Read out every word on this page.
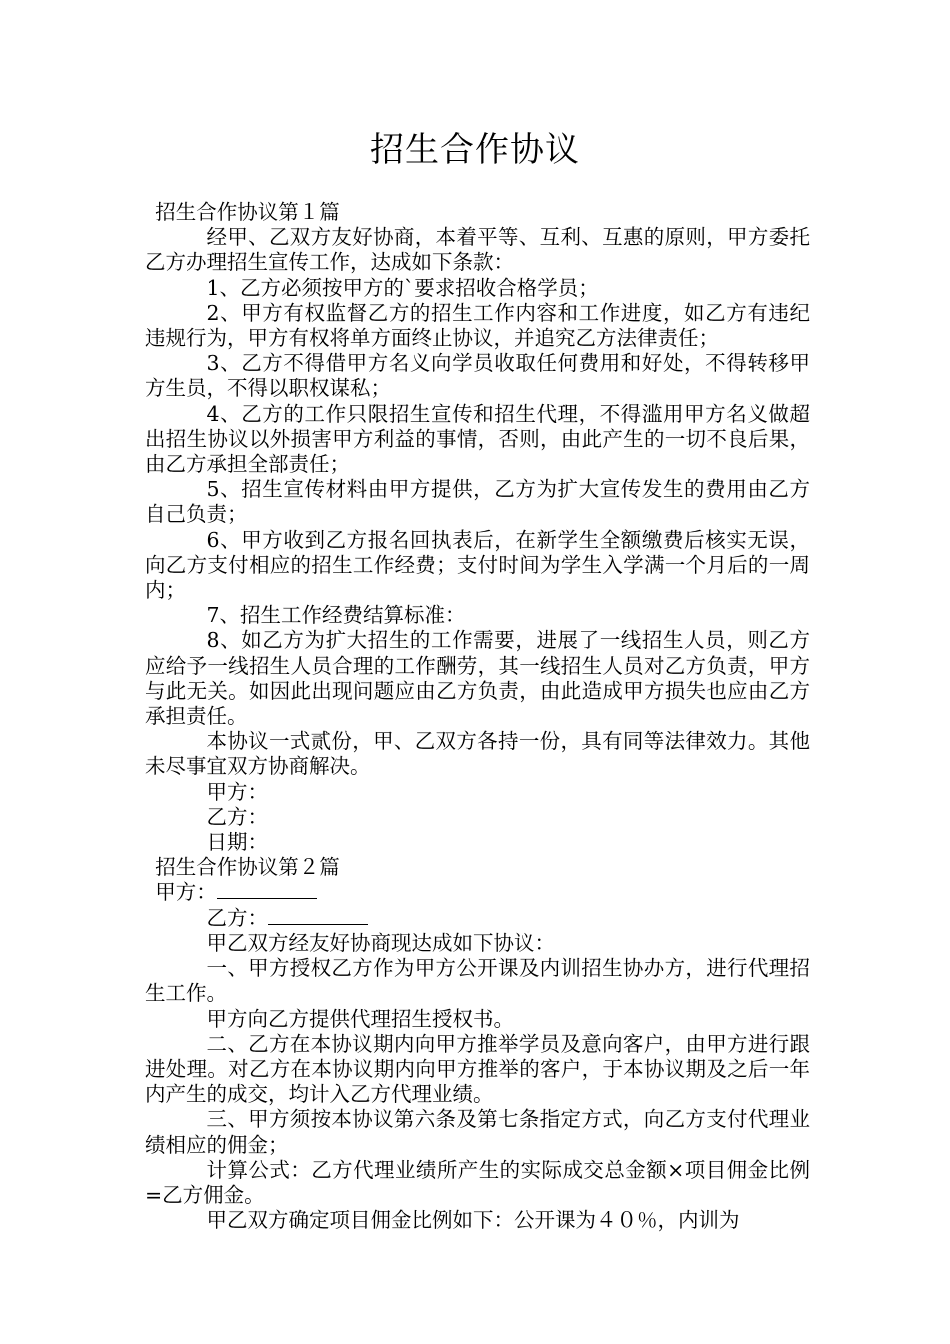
招生合作协议

招生合作协议第１篇

经甲、乙双方友好协商，本着平等、互利、互惠的原则，甲方委托乙方办理招生宣传工作，达成如下条款：

1、乙方必须按甲方的`要求招收合格学员；

2、甲方有权监督乙方的招生工作内容和工作进度，如乙方有违纪违规行为，甲方有权将单方面终止协议，并追究乙方法律责任；

3、乙方不得借甲方名义向学员收取任何费用和好处，不得转移甲方生员，不得以职权谋私；

4、乙方的工作只限招生宣传和招生代理，不得滥用甲方名义做超出招生协议以外损害甲方利益的事情，否则，由此产生的一切不良后果，由乙方承担全部责任；

5、招生宣传材料由甲方提供，乙方为扩大宣传发生的费用由乙方自己负责；

6、甲方收到乙方报名回执表后，在新学生全额缴费后核实无误，向乙方支付相应的招生工作经费；支付时间为学生入学满一个月后的一周内；

7、招生工作经费结算标准：

8、如乙方为扩大招生的工作需要，进展了一线招生人员，则乙方应给予一线招生人员合理的工作酬劳，其一线招生人员对乙方负责，甲方与此无关。如因此出现问题应由乙方负责，由此造成甲方损失也应由乙方承担责任。

本协议一式贰份，甲、乙双方各持一份，具有同等法律效力。其他未尽事宜双方协商解决。

甲方：

乙方：

日期：

招生合作协议第２篇

甲方：

乙方：

甲乙双方经友好协商现达成如下协议：

一、甲方授权乙方作为甲方公开课及内训招生协办方，进行代理招生工作。

甲方向乙方提供代理招生授权书。

二、乙方在本协议期内向甲方推举学员及意向客户，由甲方进行跟进处理。对乙方在本协议期内向甲方推举的客户，于本协议期及之后一年内产生的成交，均计入乙方代理业绩。

三、甲方须按本协议第六条及第七条指定方式，向乙方支付代理业绩相应的佣金；

计算公式：乙方代理业绩所产生的实际成交总金额×项目佣金比例=乙方佣金。

甲乙双方确定项目佣金比例如下：公开课为４０％，内训为
